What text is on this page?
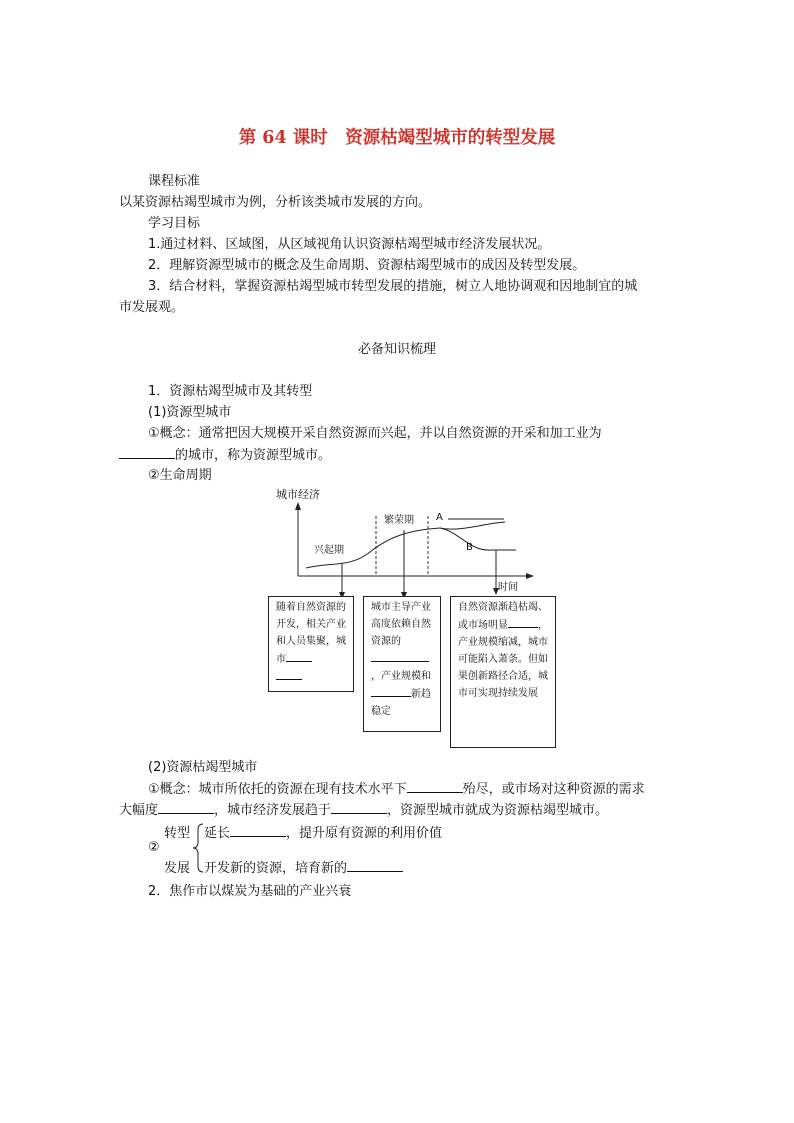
第 64 课时　资源枯竭型城市的转型发展
课程标准
以某资源枯竭型城市为例，分析该类城市发展的方向。
学习目标
1.通过材料、区域图，从区域视角认识资源枯竭型城市经济发展状况。
2．理解资源型城市的概念及生命周期、资源枯竭型城市的成因及转型发展。
3．结合材料，掌握资源枯竭型城市转型发展的措施，树立人地协调观和因地制宜的城
市发展观。
必备知识梳理
1．资源枯竭型城市及其转型
(1)资源型城市
①概念：通常把因大规模开采自然资源而兴起，并以自然资源的开采和加工业为
的城市，称为资源型城市。
②生命周期
城市经济
时间
兴起期
繁荣期 A
B
随着自然资源的开发，相关产业和人员集聚，城市

城市主导产业高度依赖自然资源的
，产业规模和
新趋稳定
自然资源渐趋枯竭、或市场明显	，产业规模缩减，城市可能陷入萧条。但如果创新路径合适，城市可实现持续发展
(2)资源枯竭型城市
①概念：城市所依托的资源在现有技术水平下	殆尽，或市场对这种资源的需求
大幅度	，城市经济发展趋于	，资源型城市就成为资源枯竭型城市。
转型
②
发展
延长	，提升原有资源的利用价值
开发新的资源，培育新的
2．焦作市以煤炭为基础的产业兴衰
